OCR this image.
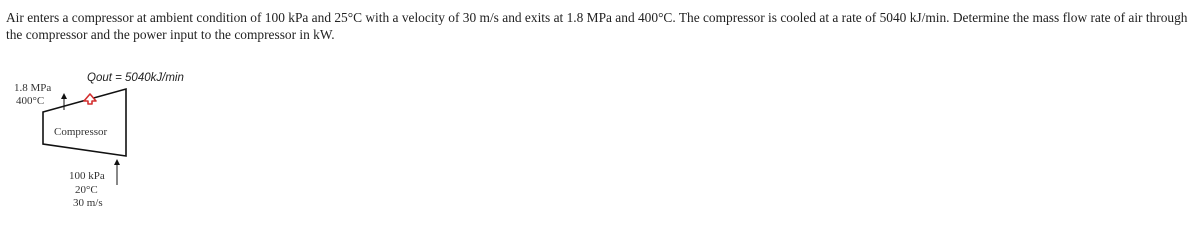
Air enters a compressor at ambient condition of 100 kPa and 25°C with a velocity of 30 m/s and exits at 1.8 MPa and 400°C. The compressor is cooled at a rate of 5040 kJ/min. Determine the mass flow rate of air through the compressor and the power input to the compressor in kW.
Qout = 5040kJ/min
1.8 MPa
400°C
Compressor
100 kPa
20°C
30 m/s
